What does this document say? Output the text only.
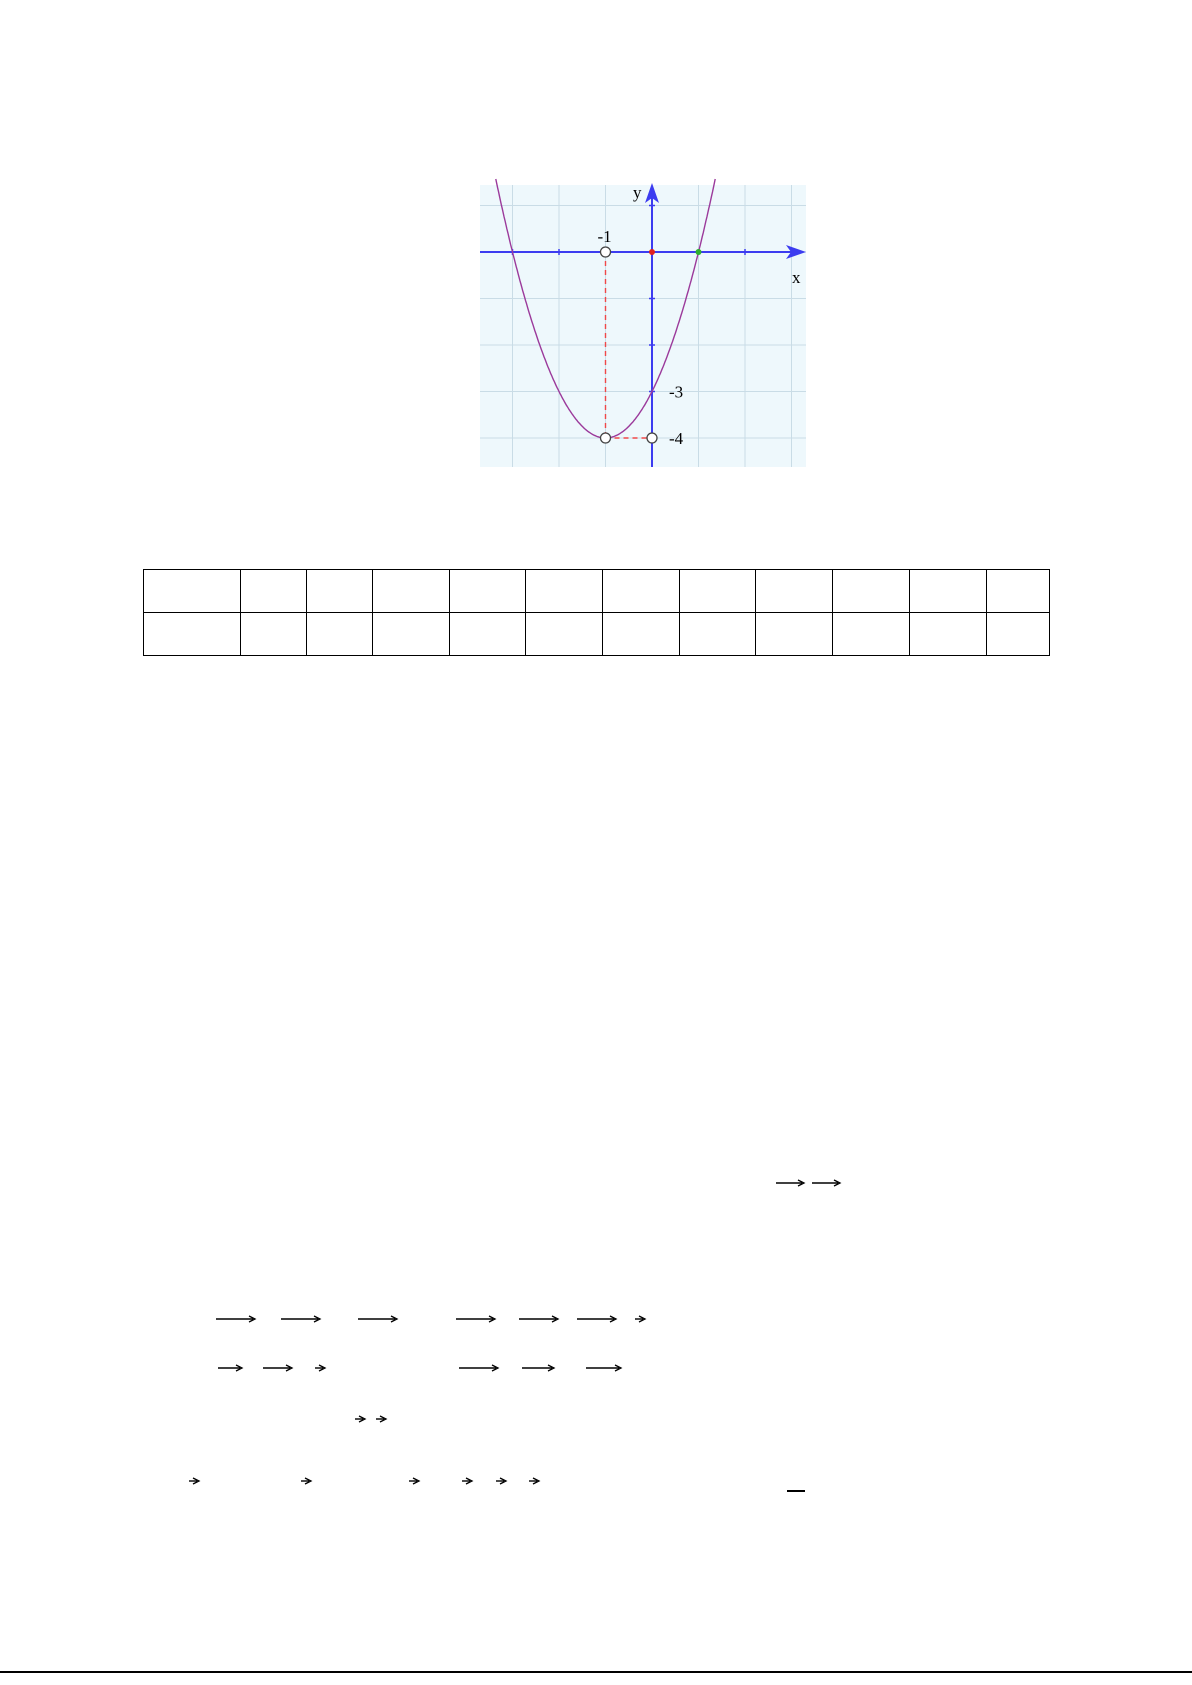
x
y
-1
-3
-4
